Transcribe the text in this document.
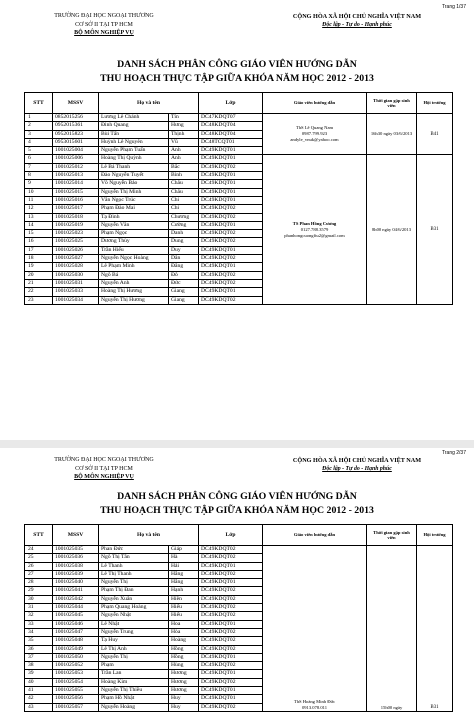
Trang 1/37
TRƯỜNG ĐẠI HỌC NGOẠI THƯƠNG
CƠ SỞ II TẠI TP HCM
BỘ MÔN NGHIỆP VỤ
CỘNG HÒA XÃ HỘI CHỦ NGHĨA VIỆT NAM
Độc lập - Tự do - Hạnh phúc
DANH SÁCH PHÂN CÔNG GIÁO VIÊN HƯỚNG DẪN
THU HOẠCH THỰC TẬP GIỮA KHÓA NĂM HỌC 2012 - 2013
STT	MSSV	Họ và tên		Lớp	Giáo viên hướng dẫn	Thời gian gặp sinh viên	Hội trường
1	0852015256	Lương Lê Chánh	Tín	DC47KDQT07	ThS Lê Quang Nam
0987.799.923
andyle_vnuk@yahoo.com	16h30 ngày 03/6/2013	B41
2	0952015361	Đinh Quang	Hưng	DC48KDQT04			
3	0952015823	Bùi Tấn	Thịnh	DC48KDQT04			
4	0953015601	Huỳnh Lê Nguyên	Vũ	DC48TCQT01			
5	1001025004	Nguyễn Phạm Tuấn	Anh	DC49KDQT01			
6	1001025006	Hoàng Thị Quỳnh	Anh	DC49KDQT01	TS Phan Hồng Cương
0127.788.3579
phanhongcuongftu2@gmail.com	8h00 ngày 04/6/2013	B31
7	1001025012	Lê Bá Thanh	Bắc	DC49KDQT02			
8	1001025013	Đào Nguyễn Tuyết	Bình	DC49KDQT01			
9	1001025014	Võ Nguyễn Bảo	Châu	DC49KDQT01			
10	1001025015	Nguyễn Thị Minh	Châu	DC49KDQT01			
11	1001025016	Văn Ngọc Trúc	Chi	DC49KDQT01			
12	1001025017	Phạm Đào Mai	Chi	DC49KDQT02			
13	1001025018	Tạ Đình	Chương	DC49KDQT02			
14	1001025019	Nguyễn Văn	Cường	DC49KDQT01			
15	1001025023	Phạm Ngọc	Danh	DC49KDQT02			
16	1001025025	Dương Thùy	Dung	DC49KDQT02			
17	1001025026	Trần Hiếu	Duy	DC49KDQT01			
18	1001025027	Nguyễn Ngọc Hoàng	Dân	DC49KDQT02			
19	1001025028	Lê Phạm Minh	Đăng	DC49KDQT01			
20	1001025030	Ngô Bá	Đô	DC49KDQT02			
21	1001025031	Nguyễn Anh	Đức	DC49KDQT02			
22	1001025033	Hoàng Thị Hương	Giang	DC49KDQT01			
23	1001025034	Nguyễn Thị Hương	Giang	DC49KDQT02			
Trang 2/37
TRƯỜNG ĐẠI HỌC NGOẠI THƯƠNG
CƠ SỞ II TẠI TP HCM
BỘ MÔN NGHIỆP VỤ
CỘNG HÒA XÃ HỘI CHỦ NGHĨA VIỆT NAM
Độc lập - Tự do - Hạnh phúc
DANH SÁCH PHÂN CÔNG GIÁO VIÊN HƯỚNG DẪN
THU HOẠCH THỰC TẬP GIỮA KHÓA NĂM HỌC 2012 - 2013
STT	MSSV	Họ và tên		Lớp	Giáo viên hướng dẫn	Thời gian gặp sinh viên	Hội trường
24	1001025035	Phan Đức	Giáp	DC49KDQT02	ThS Hoàng Minh Đức
0913.078.011	15h00 ngày	B31
25	1001025036	Ngô Thị Tân	Hà	DC49KDQT02			
26	1001025038	Lê Thanh	Hải	DC49KDQT01			
27	1001025039	Lê Thị Thanh	Hằng	DC49KDQT02			
28	1001025040	Nguyễn Thị	Hằng	DC49KDQT01			
29	1001025041	Phạm Thị Đan	Hạnh	DC49KDQT02			
30	1001025042	Nguyễn Xuân	Hiền	DC49KDQT02			
31	1001025044	Phạm Quang Hoàng	Hiếu	DC49KDQT02			
32	1001025045	Nguyễn Nhật	Hiếu	DC49KDQT02			
33	1001025046	Lê Nhật	Hoa	DC49KDQT01			
34	1001025047	Nguyễn Trung	Hòa	DC49KDQT02			
35	1001025048	Tạ Huy	Hoàng	DC49KDQT02			
36	1001025049	Lê Thị Anh	Hồng	DC49KDQT02			
37	1001025050	Nguyễn Thị	Hồng	DC49KDQT01			
38	1001025052	Phạm	Hùng	DC49KDQT02			
39	1001025053	Trần Lan	Hương	DC49KDQT01			
40	1001025054	Hoàng Kim	Hương	DC49KDQT02			
41	1001025055	Nguyễn Thị Thiều	Hương	DC49KDQT01			
42	1001025056	Phạm Hồ Nhật	Huy	DC49KDQT01			
43	1001025057	Nguyễn Hoàng	Huy	DC49KDQT02			
